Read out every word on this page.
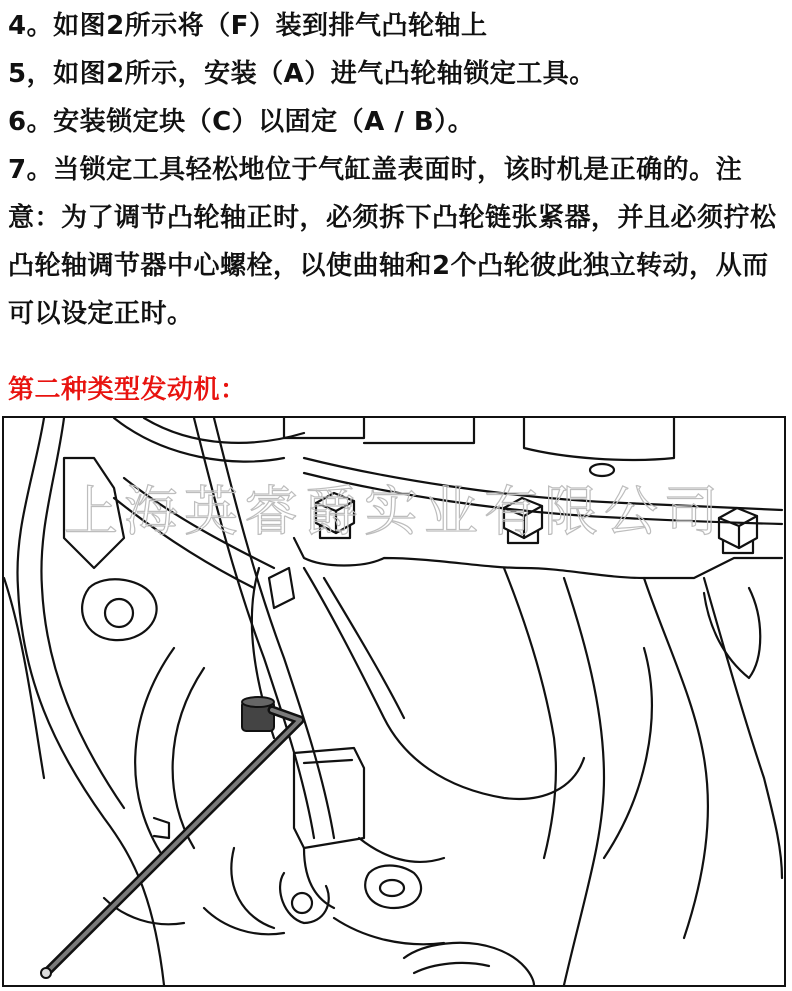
4。如图2所示将（F）装到排气凸轮轴上

5，如图2所示，安装（A）进气凸轮轴锁定工具。

6。安装锁定块（C）以固定（A / B）。

7。当锁定工具轻松地位于气缸盖表面时，该时机是正确的。注意：为了调节凸轮轴正时，必须拆下凸轮链张紧器，并且必须拧松凸轮轴调节器中心螺栓，以使曲轴和2个凸轮彼此独立转动，从而可以设定正时。

第二种类型发动机：
上海英睿爵实业有限公司
